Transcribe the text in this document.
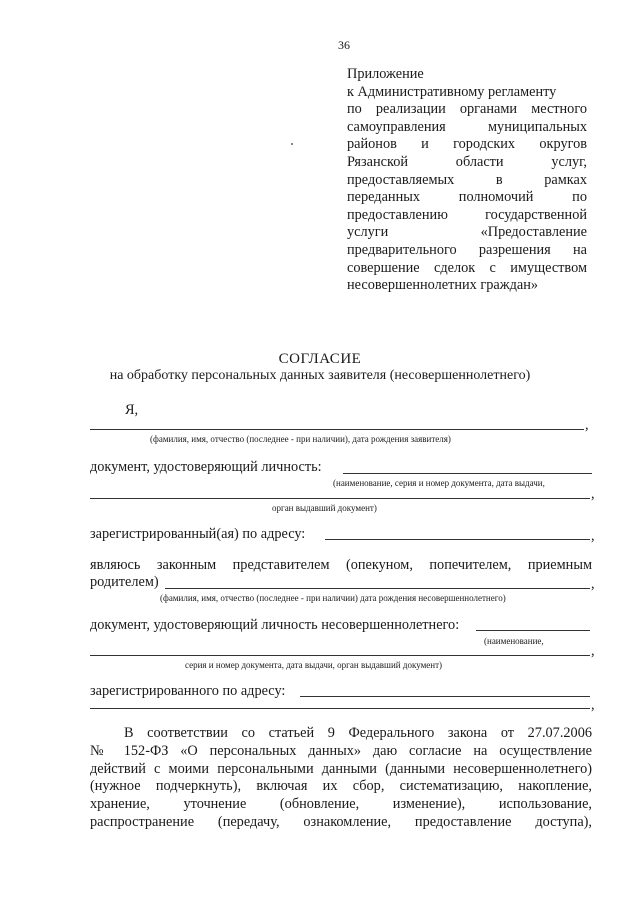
36
Приложение
к Административному регламенту
по реализации органами местного
самоуправления муниципальных
районов и городских округов
Рязанской области услуг,
предоставляемых в рамках
переданных полномочий по
предоставлению государственной
услуги «Предоставление
предварительного разрешения на
совершение сделок с имуществом
несовершеннолетних граждан»
СОГЛАСИЕ
на обработку персональных данных заявителя (несовершеннолетнего)
Я,
,
(фамилия, имя, отчество (последнее - при наличии), дата рождения заявителя)
документ, удостоверяющий личность:
(наименование, серия и номер документа, дата выдачи,
,
орган выдавший документ)
зарегистрированный(ая) по адресу:	,
являюсь законным представителем (опекуном, попечителем, приемным
родителем)	,
(фамилия, имя, отчество (последнее - при наличии) дата рождения несовершеннолетнего)
документ, удостоверяющий личность несовершеннолетнего:
(наименование,
,
серия и номер документа, дата выдачи, орган выдавший документ)
зарегистрированного по адресу:
,
В соответствии со статьей 9 Федерального закона от 27.07.2006
№ 152-ФЗ «О персональных данных» даю согласие на осуществление
действий с моими персональными данными (данными несовершеннолетнего)
(нужное подчеркнуть), включая их сбор, систематизацию, накопление,
хранение, уточнение (обновление, изменение), использование,
распространение (передачу, ознакомление, предоставление доступа),
